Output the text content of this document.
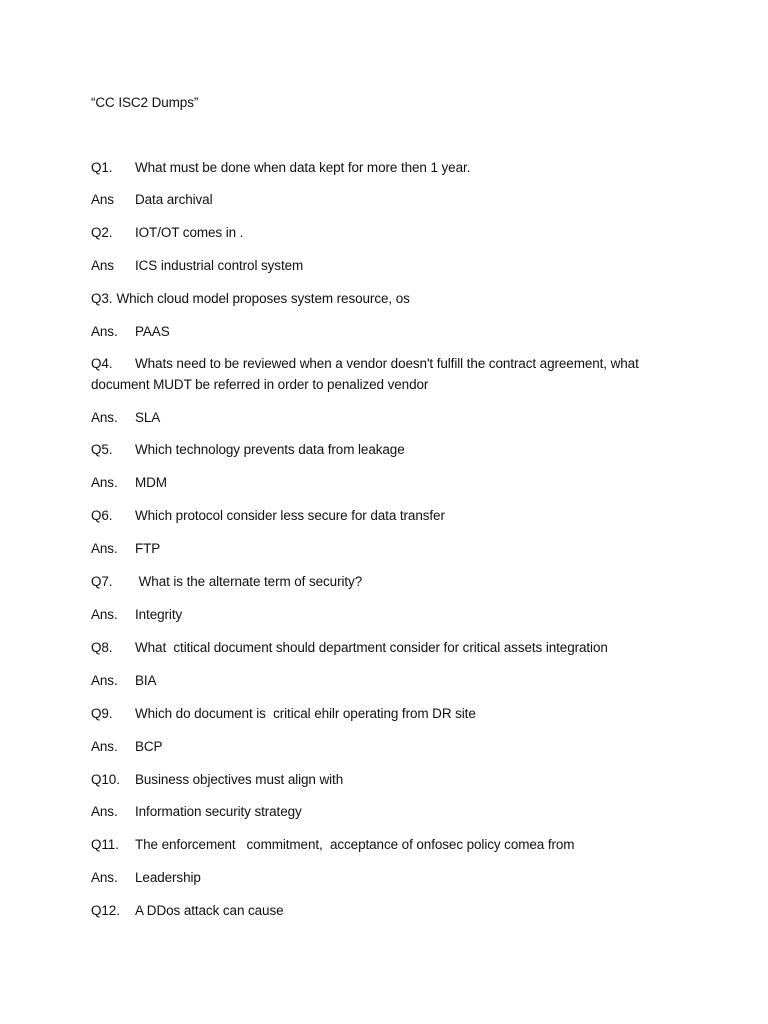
“CC ISC2 Dumps”
Q1. What must be done when data kept for more then 1 year.
Ans Data archival
Q2. IOT/OT comes in .
Ans ICS industrial control system
Q3. Which cloud model proposes system resource, os
Ans. PAAS
Q4. Whats need to be reviewed when a vendor doesn't fulfill the contract agreement, what
document MUDT be referred in order to penalized vendor
Ans. SLA
Q5. Which technology prevents data from leakage
Ans. MDM
Q6. Which protocol consider less secure for data transfer
Ans. FTP
Q7. What is the alternate term of security?
Ans. Integrity
Q8. What  ctitical document should department consider for critical assets integration
Ans. BIA
Q9. Which do document is  critical ehilr operating from DR site
Ans. BCP
Q10. Business objectives must align with
Ans. Information security strategy
Q11. The enforcement   commitment,  acceptance of onfosec policy comea from
Ans. Leadership
Q12. A DDos attack can cause
